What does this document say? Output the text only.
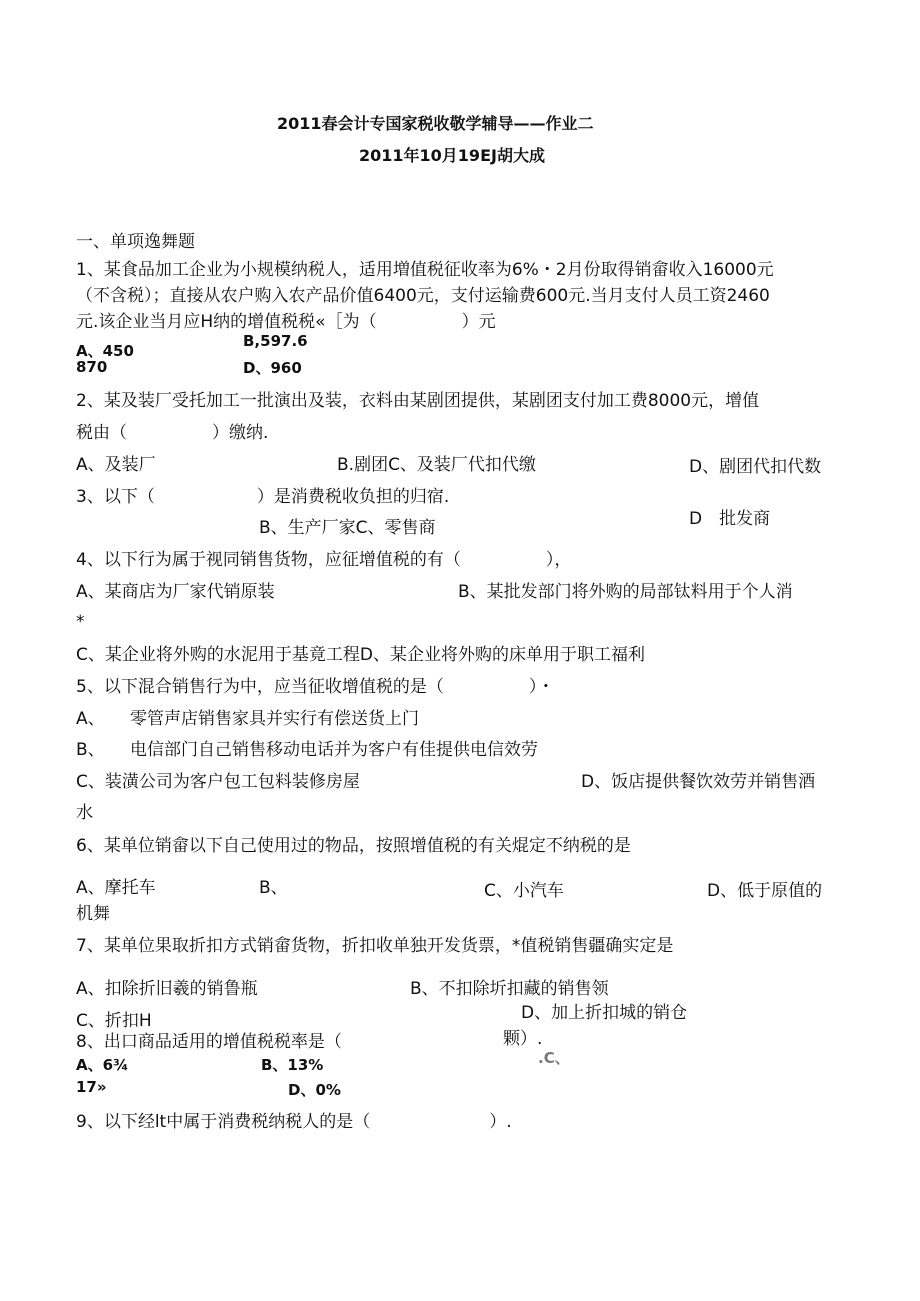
2011春会计专国家税收敬学辅导——作业二
2011年10月19EJ胡大成
一、单项逸舞题
1、某食品加工企业为小规模纳税人，适用増值税征收率为6%・2月份取得销畲收入16000元
（不含税）；直接从农户购入农产品价值6400元，支付运输费600元.当月支付人员工资2460
元.该企业当月应H纳的增值税税«［为（　　　　　）元
B,597.6
A、450
D、960
870
2、某及装厂受托加工一批演出及装，衣料由某剧团提供，某剧团支付加工费8000元，增值
税由（　　　　　）缴纳.
A、及装厂	B.剧团C、及装厂代扣代缴	D、剧团代扣代数
3、以下（　　　　　　）是消费税收负担的归宿.
B、生产厂家C、零售商	D　批发商
4、以下行为属于视同销售货物，应征增值税的有（　　　　　），
A、某商店为厂家代销原装	B、某批发部门将外购的局部钛料用于个人消
*
C、某企业将外购的水泥用于基竟工程D、某企业将外购的床单用于职工福利
5、以下混合销售行为中，应当征收增值税的是（　　　　　）・
A、 零管声店销售家具并实行有偿送货上门
B、 电信部门自己销售移动电话并为客户有佳提供电信效劳
C、装潢公司为客户包工包料装修房屋	D、饭店提供餐饮效劳并销售酒
水
6、某单位销畲以下自己使用过的物品，按照增值税的有关焜定不纳税的是
A、摩托车	B、	C、小汽车	D、低于原值的
机舞
7、某单位果取折扣方式销畲货物，折扣收单独开发货票，*值税销售疆确实定是
A、扣除折旧羲的销鲁瓶	B、不扣除圻扣藏的销售领
C、折扣H	D、加上折扣城的销仓
颗）.
8、出口商品适用的增值税税率是（
A、6¾	B、13%	.C、
17»	D、0%
9、以下经lt中属于消费税纳税人的是（　　　　　　　）.
